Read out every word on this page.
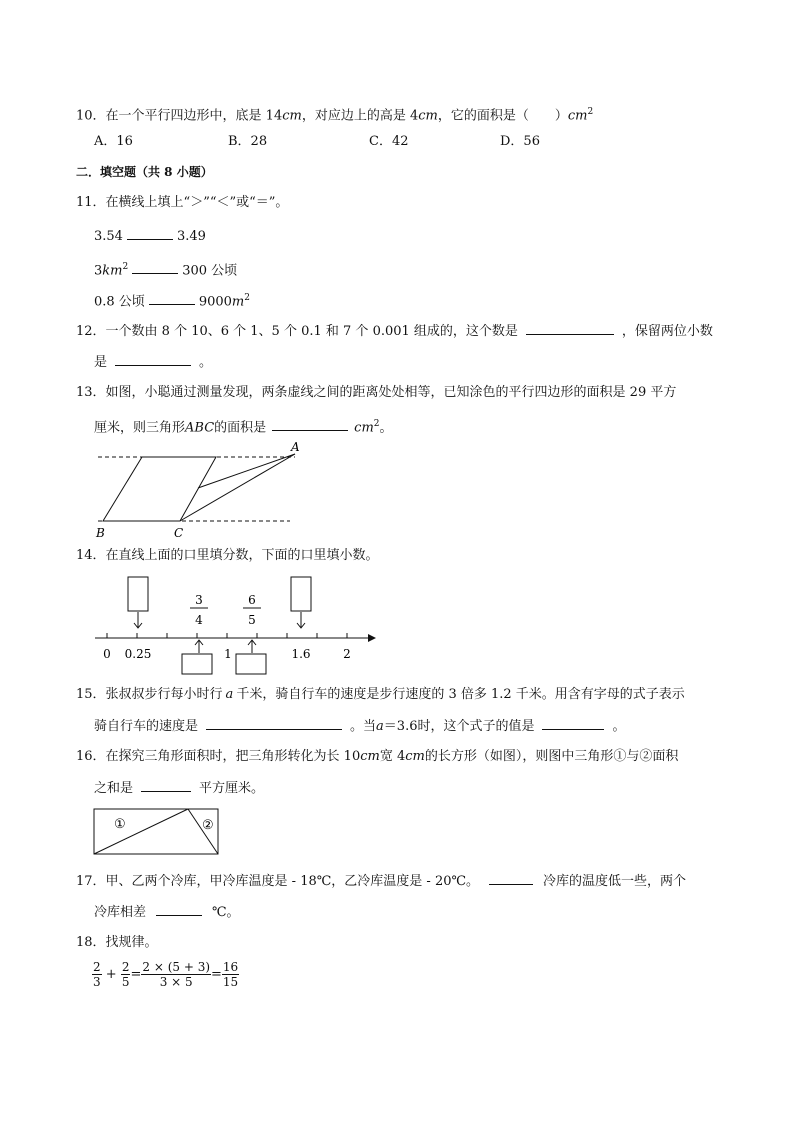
10．在一个平行四边形中，底是 14cm，对应边上的高是 4cm，它的面积是（　　）$cm^2$
A．16	B．28	C．42	D．56
二．填空题（共 8 小题）
11．在横线上填上“＞”“＜”或“＝”。
3.54	3.49
$3km^2$	300 公顷
0.8 公顷	$9000m^2$
12．一个数由 8 个 10、6 个 1、5 个 0.1 和 7 个 0.001 组成的，这个数是	，保留两位小数
是	。
13．如图，小聪通过测量发现，两条虚线之间的距离处处相等，已知涂色的平行四边形的面积是 29 平方
厘米，则三角形ABC的面积是	$cm^2$。
A
B	C
14．在直线上面的口里填分数，下面的口里填小数。
3
4
6
5
0 0.25	1	1.6	2
15．张叔叔步行每小时行 a 千米，骑自行车的速度是步行速度的 3 倍多 1.2 千米。用含有字母的式子表示
骑自行车的速度是	。当a＝3.6时，这个式子的值是	。
16．在探究三角形面积时，把三角形转化为长 10cm宽 4cm的长方形（如图），则图中三角形①与②面积
之和是	平方厘米。
①	②
17．甲、乙两个冷库，甲冷库温度是 - 18℃，乙冷库温度是 - 20℃。	冷库的温度低一些，两个
冷库相差	℃。
18．找规律。
$\frac{2}{3} + \frac{2}{5} = \frac{2 \times (5 + 3)}{3 \times 5} = \frac{16}{15}$
